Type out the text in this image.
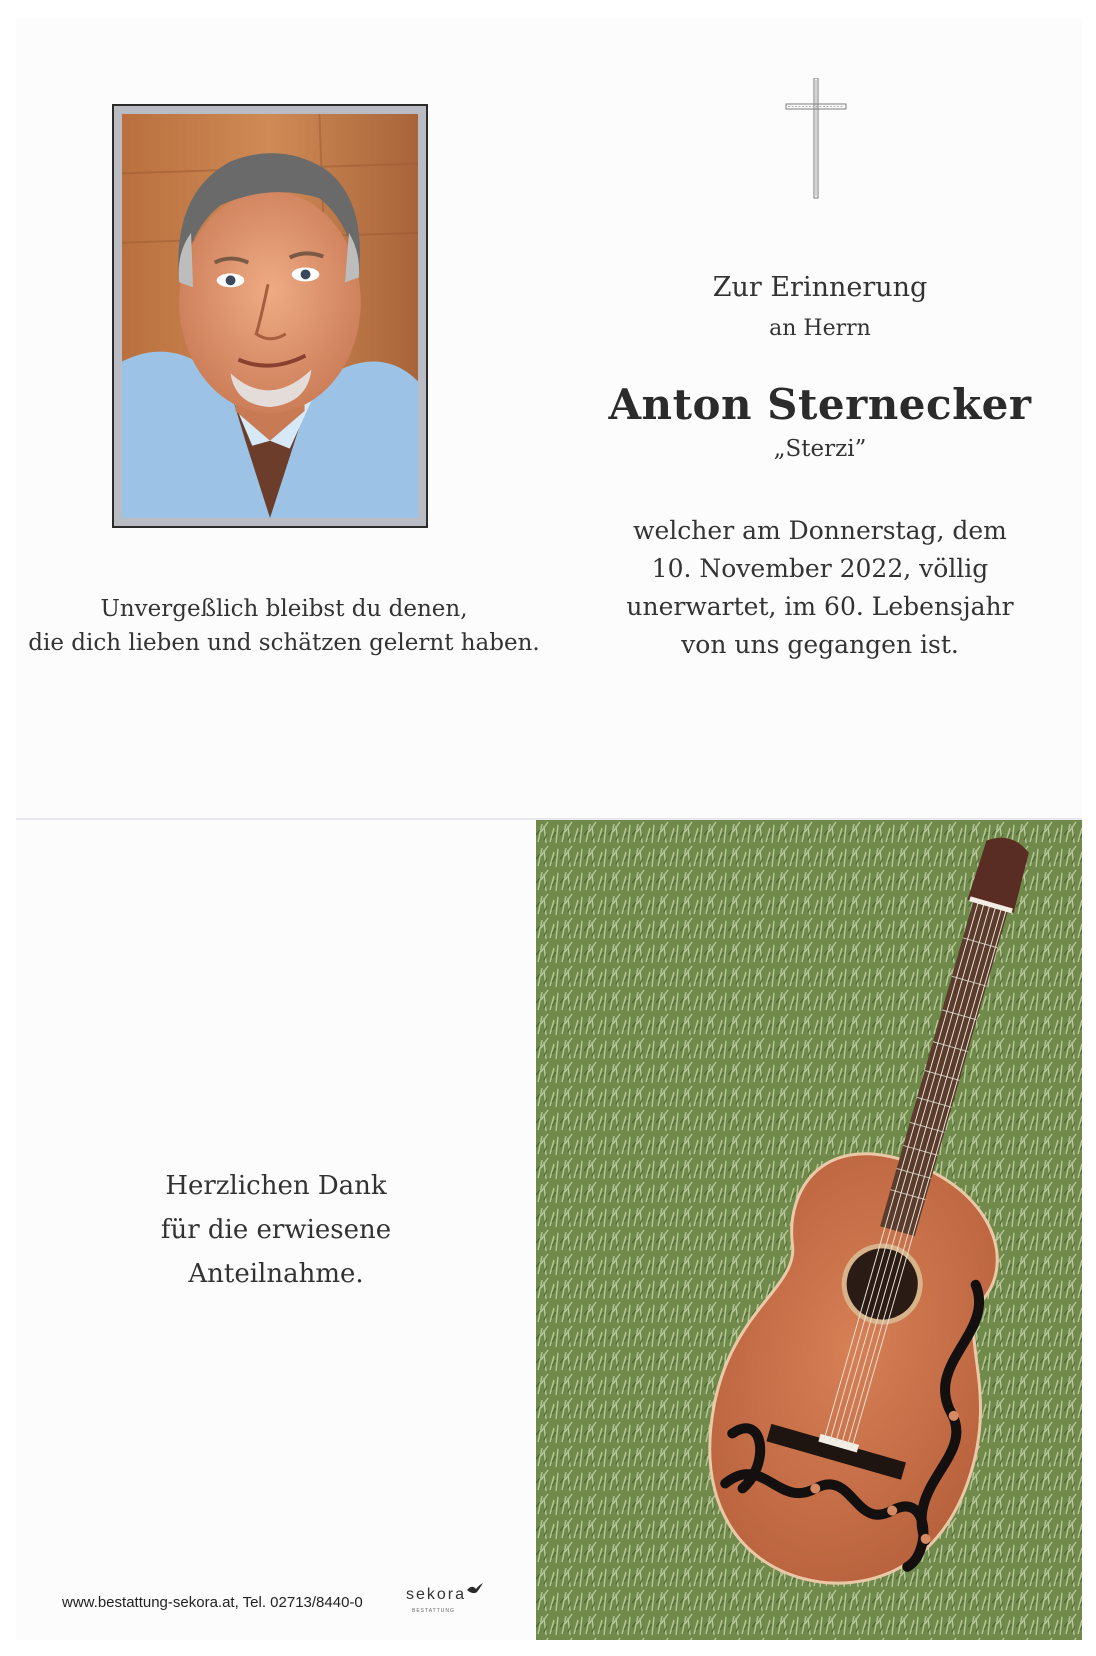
Unvergeßlich bleibst du denen,
die dich lieben und schätzen gelernt haben.
Zur Erinnerung
an Herrn
Anton Sternecker
„Sterzi”
welcher am Donnerstag, dem
10. November 2022, völlig
unerwartet, im 60. Lebensjahr
von uns gegangen ist.
Herzlichen Dank
für die erwiesene
Anteilnahme.
www.bestattung-sekora.at, Tel. 02713/8440-0	sekora
BESTATTUNG
